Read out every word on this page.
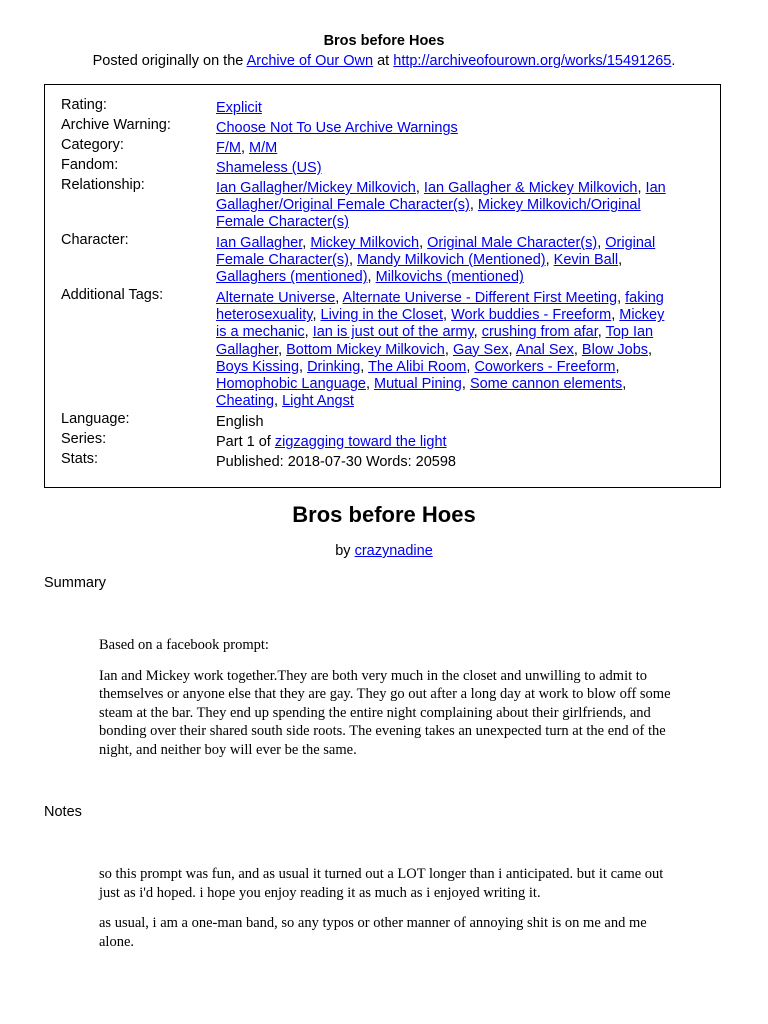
Bros before Hoes
Posted originally on the Archive of Our Own at http://archiveofourown.org/works/15491265.
Rating:	Explicit
Archive Warning:	Choose Not To Use Archive Warnings
Category:	F/M, M/M
Fandom:	Shameless (US)
Relationship:	Ian Gallagher/Mickey Milkovich, Ian Gallagher & Mickey Milkovich, Ian
Gallagher/Original Female Character(s), Mickey Milkovich/Original
Female Character(s)
Character:	Ian Gallagher, Mickey Milkovich, Original Male Character(s), Original
Female Character(s), Mandy Milkovich (Mentioned), Kevin Ball,
Gallaghers (mentioned), Milkovichs (mentioned)
Additional Tags:	Alternate Universe, Alternate Universe - Different First Meeting, faking
heterosexuality, Living in the Closet, Work buddies - Freeform, Mickey
is a mechanic, Ian is just out of the army, crushing from afar, Top Ian
Gallagher, Bottom Mickey Milkovich, Gay Sex, Anal Sex, Blow Jobs,
Boys Kissing, Drinking, The Alibi Room, Coworkers - Freeform,
Homophobic Language, Mutual Pining, Some cannon elements,
Cheating, Light Angst
Language:	English
Series:	Part 1 of zigzagging toward the light
Stats:	Published: 2018-07-30 Words: 20598
Bros before Hoes
by crazynadine
Summary

Based on a facebook prompt:

Ian and Mickey work together.They are both very much in the closet and unwilling to admit to themselves or anyone else that they are gay. They go out after a long day at work to blow off some steam at the bar. They end up spending the entire night complaining about their girlfriends, and bonding over their shared south side roots. The evening takes an unexpected turn at the end of the night, and neither boy will ever be the same.

Notes

so this prompt was fun, and as usual it turned out a LOT longer than i anticipated. but it came out just as i'd hoped. i hope you enjoy reading it as much as i enjoyed writing it.

as usual, i am a one-man band, so any typos or other manner of annoying shit is on me and me alone.
